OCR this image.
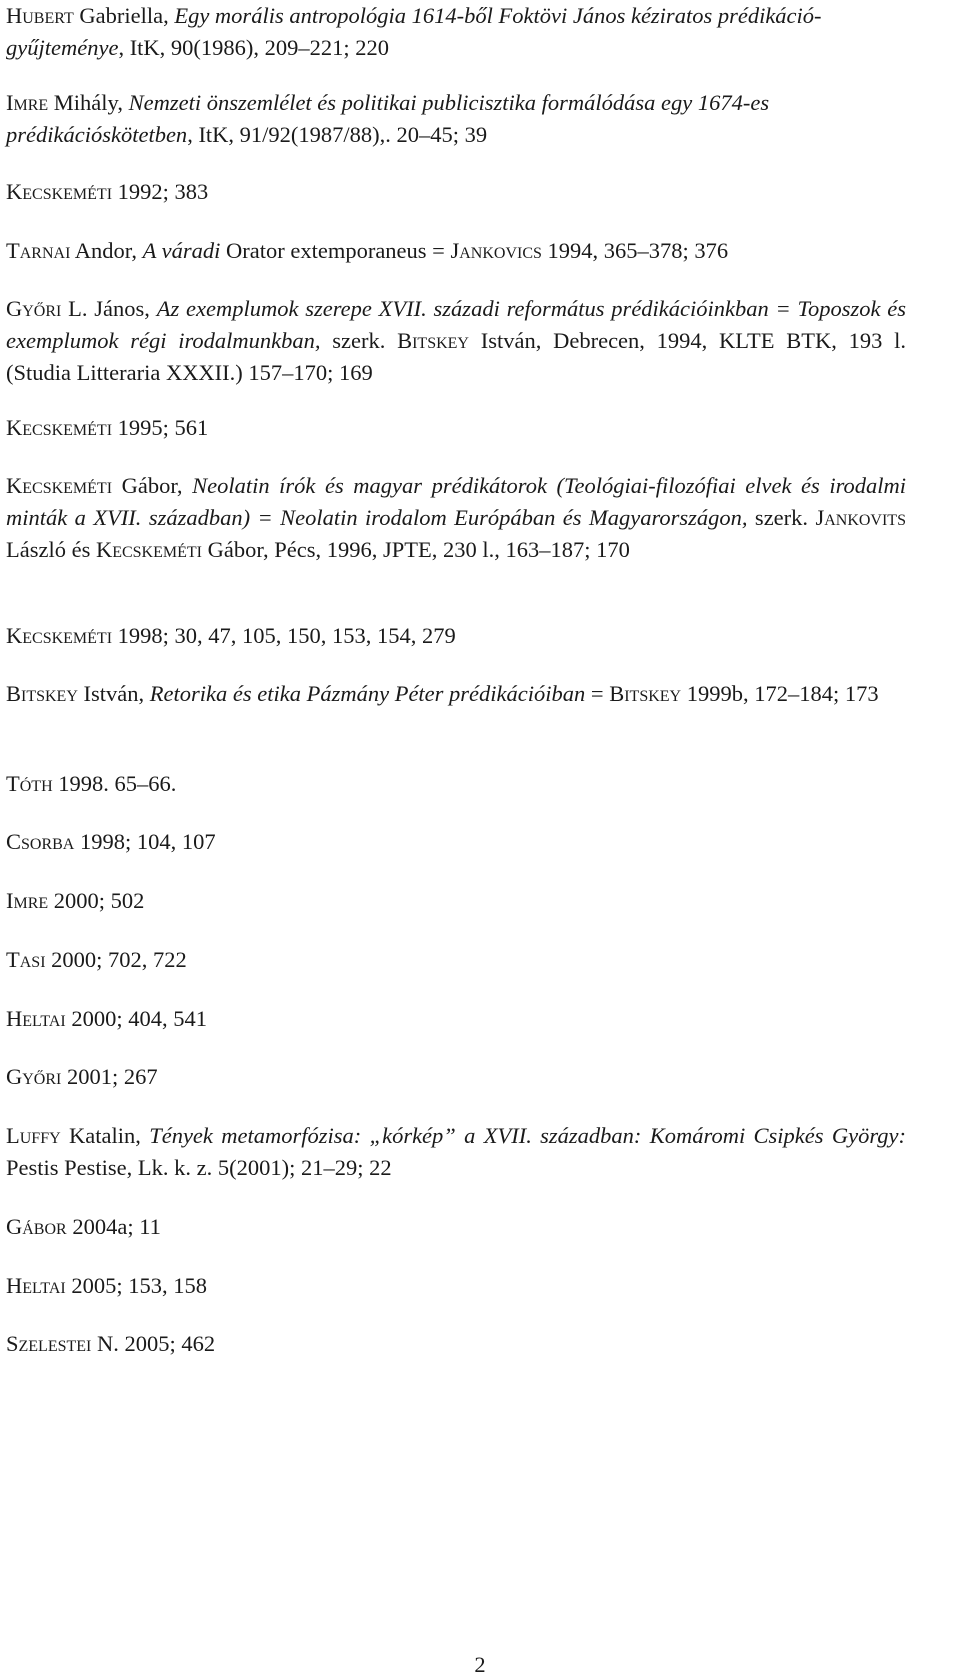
Hubert Gabriella, Egy morális antropológia 1614-ből Foktövi János kéziratos prédikáció-gyűjteménye, ItK, 90(1986), 209–221; 220

Imre Mihály, Nemzeti önszemlélet és politikai publicisztika formálódása egy 1674-es prédikációskötetben, ItK, 91/92(1987/88),. 20–45; 39

Kecskeméti 1992; 383

Tarnai Andor, A váradi Orator extemporaneus = Jankovics 1994, 365–378; 376

Győri L. János, Az exemplumok szerepe XVII. századi református prédikációinkban = Toposzok és exemplumok régi irodalmunkban, szerk. Bitskey István, Debrecen, 1994, KLTE BTK, 193 l. (Studia Litteraria XXXII.) 157–170; 169

Kecskeméti 1995; 561

Kecskeméti Gábor, Neolatin írók és magyar prédikátorok (Teológiai-filozófiai elvek és irodalmi minták a XVII. században) = Neolatin irodalom Európában és Magyarországon, szerk. Jankovits László és Kecskeméti Gábor, Pécs, 1996, JPTE, 230 l., 163–187; 170

Kecskeméti 1998; 30, 47, 105, 150, 153, 154, 279

Bitskey István, Retorika és etika Pázmány Péter prédikációiban = Bitskey 1999b, 172–184; 173

Tóth 1998. 65–66.

Csorba 1998; 104, 107

Imre 2000; 502

Tasi 2000; 702, 722

Heltai 2000; 404, 541

Győri 2001; 267

Luffy Katalin, Tények metamorfózisa: „kórkép” a XVII. században: Komáromi Csipkés György: Pestis Pestise, Lk. k. z. 5(2001); 21–29; 22

Gábor 2004a; 11

Heltai 2005; 153, 158

Szelestei N. 2005; 462

2
